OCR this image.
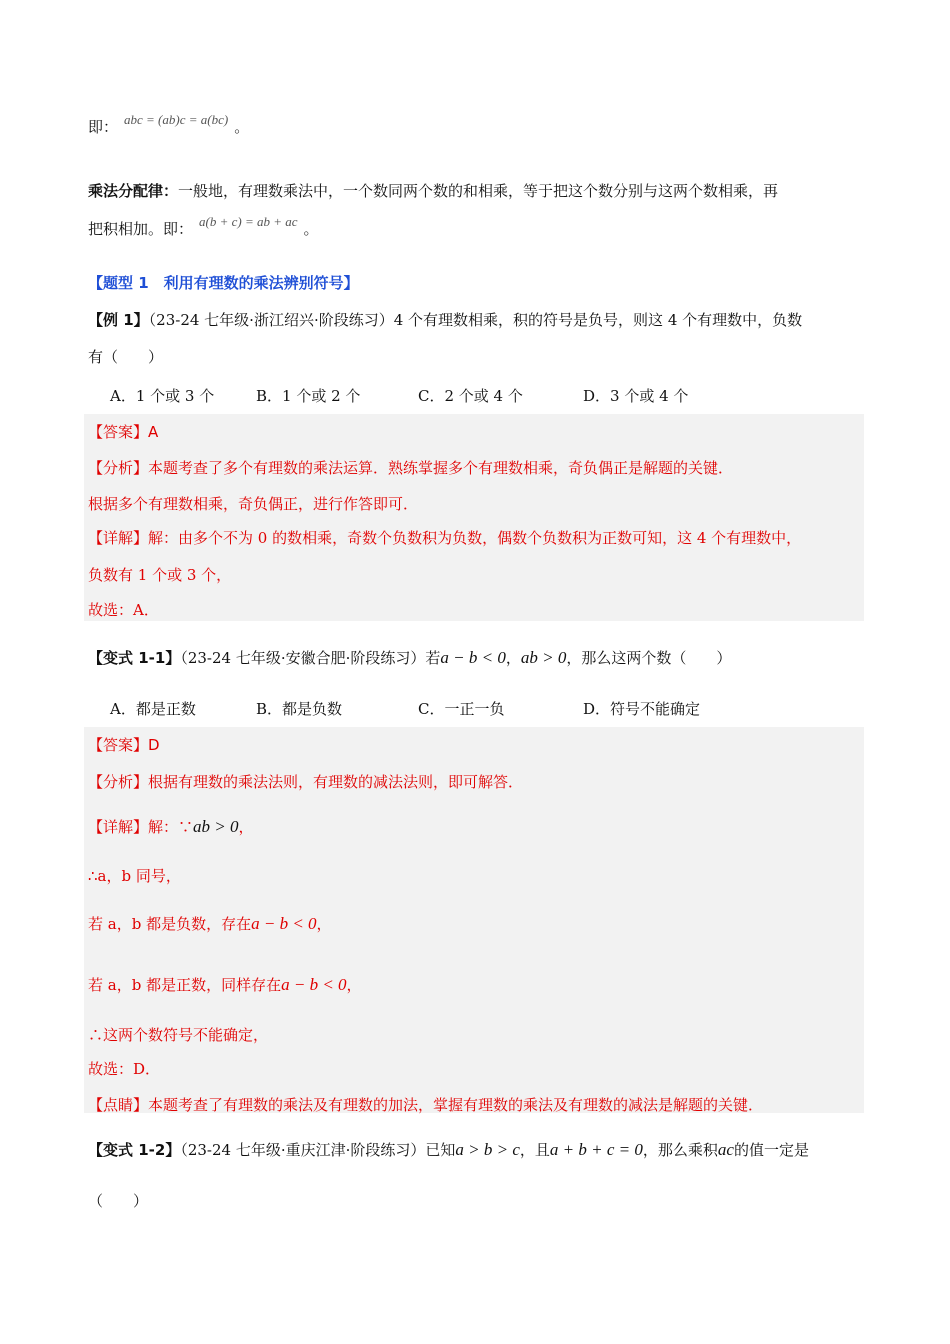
即： abc = (ab)c = a(bc) 。
乘法分配律：一般地，有理数乘法中，一个数同两个数的和相乘，等于把这个数分别与这两个数相乘，再
把积相加。即： a(b + c) = ab + ac 。
【题型 1　利用有理数的乘法辨别符号】
【例 1】（23-24 七年级·浙江绍兴·阶段练习）4 个有理数相乘，积的符号是负号，则这 4 个有理数中，负数
有（　　）
A．1 个或 3 个	B．1 个或 2 个	C．2 个或 4 个	D．3 个或 4 个
【答案】A
【分析】本题考查了多个有理数的乘法运算．熟练掌握多个有理数相乘，奇负偶正是解题的关键．
根据多个有理数相乘，奇负偶正，进行作答即可．
【详解】解：由多个不为 0 的数相乘，奇数个负数积为负数，偶数个负数积为正数可知，这 4 个有理数中，
负数有 1 个或 3 个，
故选：A．
【变式 1-1】（23-24 七年级·安徽合肥·阶段练习）若a − b < 0，ab > 0，那么这两个数（　　）
A．都是正数	B．都是负数	C．一正一负	D．符号不能确定
【答案】D
【分析】根据有理数的乘法法则，有理数的减法法则，即可解答．
【详解】解：∵ab > 0，
∴a，b 同号，
若 a，b 都是负数，存在a − b < 0，
若 a，b 都是正数，同样存在a − b < 0，
∴这两个数符号不能确定，
故选：D．
【点睛】本题考查了有理数的乘法及有理数的加法，掌握有理数的乘法及有理数的减法是解题的关键．
【变式 1-2】（23-24 七年级·重庆江津·阶段练习）已知a > b > c，且a + b + c = 0，那么乘积ac的值一定是
（　　）
